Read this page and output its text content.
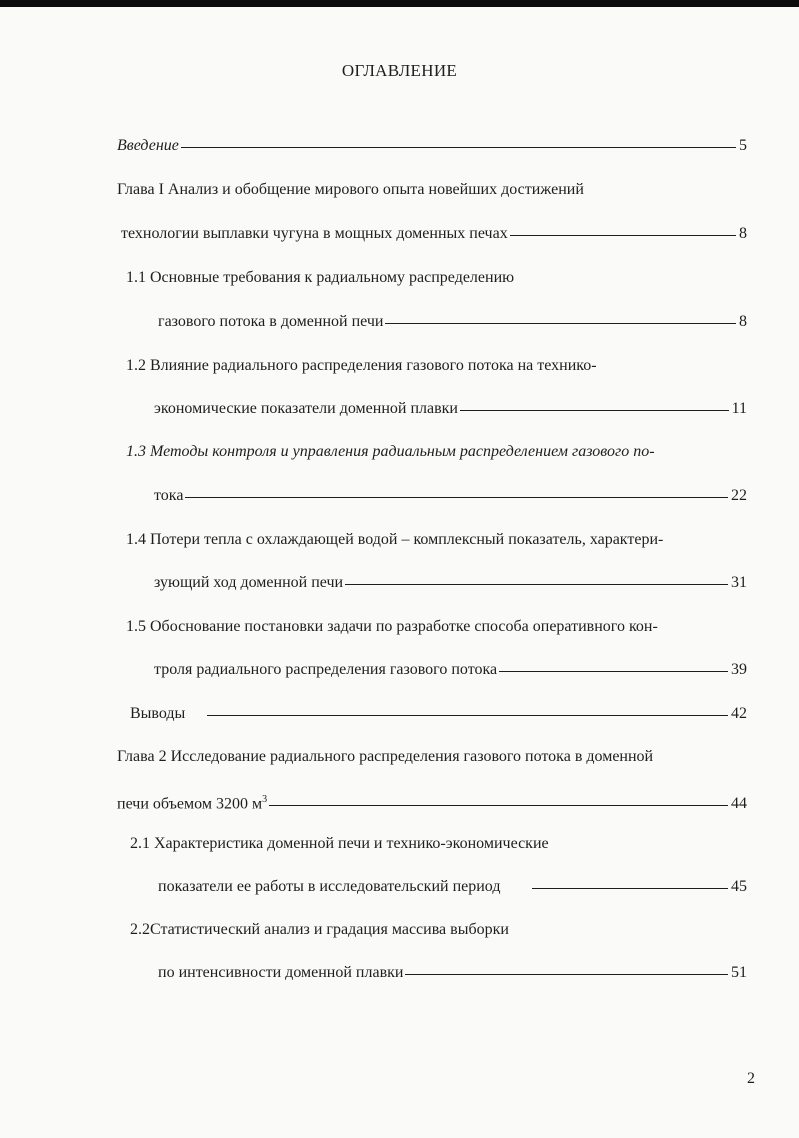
ОГЛАВЛЕНИЕ
Введение	5
Глава I Анализ и обобщение мирового опыта новейших достижений
технологии выплавки чугуна в мощных доменных печах	8
1.1 Основные требования к радиальному распределению
газового потока в доменной печи	8
1.2 Влияние радиального распределения газового потока на технико-
экономические показатели доменной плавки	11
1.3 Методы контроля и управления радиальным распределением газового по-
тока	22
1.4 Потери тепла с охлаждающей водой – комплексный показатель, характери-
зующий ход доменной печи	31
1.5 Обоснование постановки задачи по разработке способа оперативного кон-
троля радиального распределения газового потока	39
Выводы	42
Глава 2 Исследование радиального распределения газового потока в доменной
печи объемом 3200 $м^3$	44
2.1 Характеристика доменной печи и технико-экономические
показатели ее работы в исследовательский период	45
2.2Статистический анализ и градация массива выборки
по интенсивности доменной плавки	51
2
